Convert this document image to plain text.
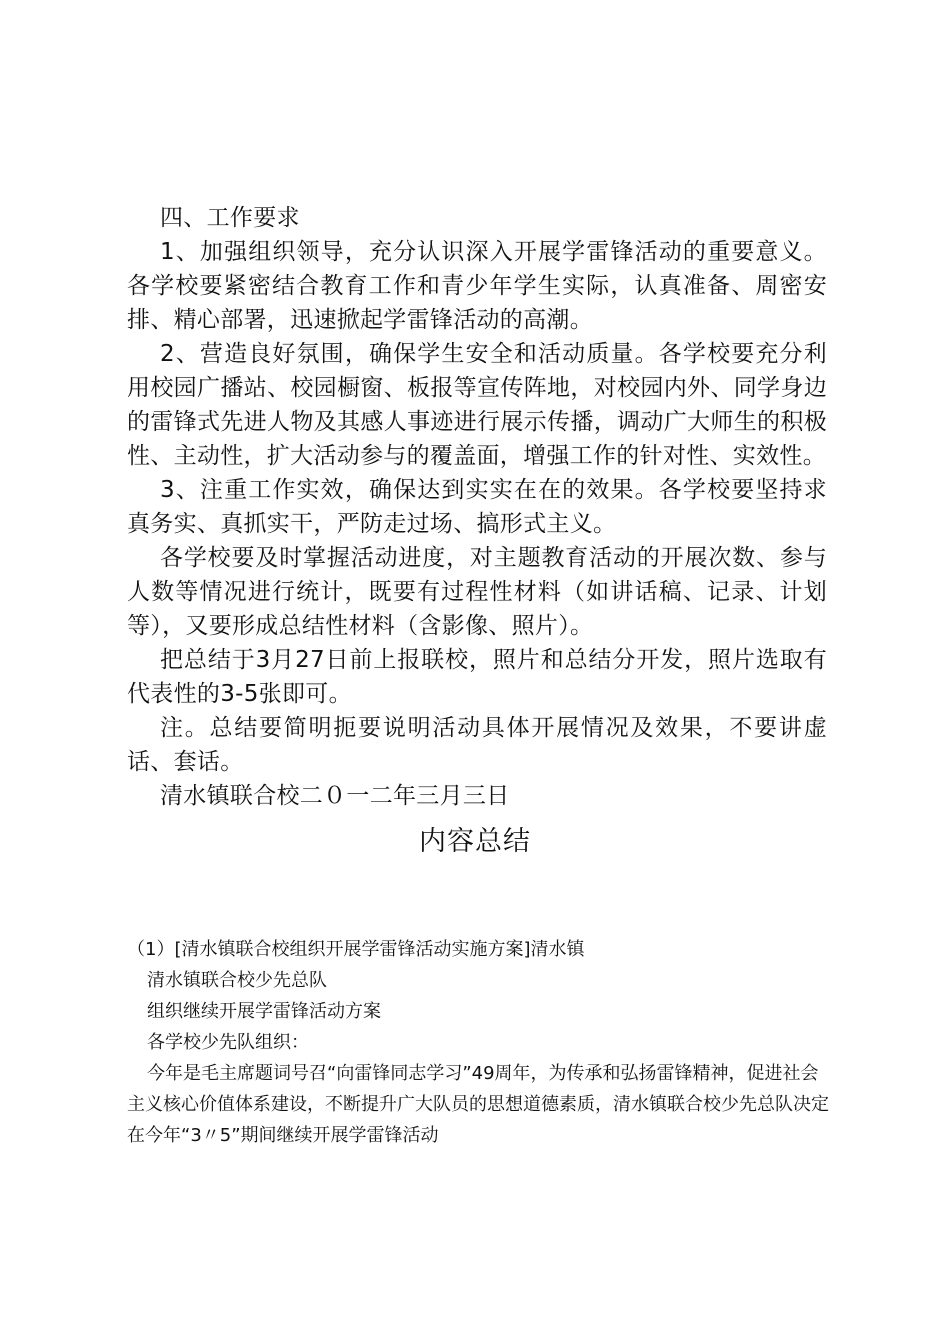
四、工作要求

1、加强组织领导，充分认识深入开展学雷锋活动的重要意义。各学校要紧密结合教育工作和青少年学生实际，认真准备、周密安排、精心部署，迅速掀起学雷锋活动的高潮。

2、营造良好氛围，确保学生安全和活动质量。各学校要充分利用校园广播站、校园橱窗、板报等宣传阵地，对校园内外、同学身边的雷锋式先进人物及其感人事迹进行展示传播，调动广大师生的积极性、主动性，扩大活动参与的覆盖面，增强工作的针对性、实效性。

3、注重工作实效，确保达到实实在在的效果。各学校要坚持求真务实、真抓实干，严防走过场、搞形式主义。

各学校要及时掌握活动进度，对主题教育活动的开展次数、参与人数等情况进行统计，既要有过程性材料（如讲话稿、记录、计划等），又要形成总结性材料（含影像、照片）。

把总结于3月27日前上报联校，照片和总结分开发，照片选取有代表性的3-5张即可。

注。总结要简明扼要说明活动具体开展情况及效果，不要讲虚话、套话。

清水镇联合校二０一二年三月三日

内容总结

（1）[清水镇联合校组织开展学雷锋活动实施方案]清水镇

清水镇联合校少先总队

组织继续开展学雷锋活动方案

各学校少先队组织：

今年是毛主席题词号召“向雷锋同志学习”49周年，为传承和弘扬雷锋精神，促进社会主义核心价值体系建设，不断提升广大队员的思想道德素质，清水镇联合校少先总队决定在今年“3〃5”期间继续开展学雷锋活动
